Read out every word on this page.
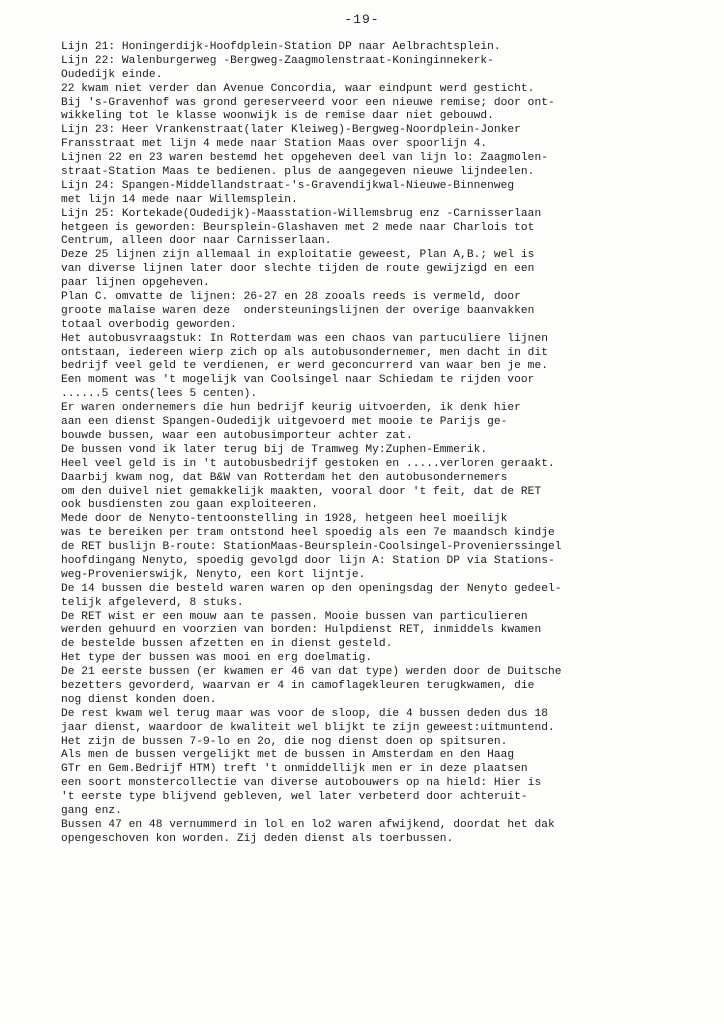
-19-
Lijn 21: Honingerdijk-Hoofdplein-Station DP naar Aelbrachtsplein.
Lijn 22: Walenburgerweg -Bergweg-Zaagmolenstraat-Koninginnekerk-
Oudedijk einde.
22 kwam niet verder dan Avenue Concordia, waar eindpunt werd gesticht.
Bij 's-Gravenhof was grond gereserveerd voor een nieuwe remise; door ont-
wikkeling tot le klasse woonwijk is de remise daar niet gebouwd.
Lijn 23: Heer Vrankenstraat(later Kleiweg)-Bergweg-Noordplein-Jonker
Fransstraat met lijn 4 mede naar Station Maas over spoorlijn 4.
Lijnen 22 en 23 waren bestemd het opgeheven deel van lijn lo: Zaagmolen-
straat-Station Maas te bedienen. plus de aangegeven nieuwe lijndeelen.
Lijn 24: Spangen-Middellandstraat-'s-Gravendijkwal-Nieuwe-Binnenweg
met lijn 14 mede naar Willemsplein.
Lijn 25: Kortekade(Oudedijk)-Maasstation-Willemsbrug enz -Carnisserlaan
hetgeen is geworden: Beursplein-Glashaven met 2 mede naar Charlois tot
Centrum, alleen door naar Carnisserlaan.
Deze 25 lijnen zijn allemaal in exploitatie geweest, Plan A,B.; wel is
van diverse lijnen later door slechte tijden de route gewijzigd en een
paar lijnen opgeheven.
Plan C. omvatte de lijnen: 26-27 en 28 zooals reeds is vermeld, door
groote malaise waren deze  ondersteuningslijnen der overige baanvakken
totaal overbodig geworden.
Het autobusvraagstuk: In Rotterdam was een chaos van partuculiere lijnen
ontstaan, iedereen wierp zich op als autobusondernemer, men dacht in dit
bedrijf veel geld te verdienen, er werd geconcurrerd van waar ben je me.
Een moment was 't mogelijk van Coolsingel naar Schiedam te rijden voor
......5 cents(lees 5 centen).
Er waren ondernemers die hun bedrijf keurig uitvoerden, ik denk hier
aan een dienst Spangen-Oudedijk uitgevoerd met mooie te Parijs ge-
bouwde bussen, waar een autobusimporteur achter zat.
De bussen vond ik later terug bij de Tramweg My:Zuphen-Emmerik.
Heel veel geld is in 't autobusbedrijf gestoken en .....verloren geraakt.
Daarbij kwam nog, dat B&W van Rotterdam het den autobusondernemers
om den duivel niet gemakkelijk maakten, vooral door 't feit, dat de RET
ook busdiensten zou gaan exploiteeren.
Mede door de Nenyto-tentoonstelling in 1928, hetgeen heel moeilijk
was te bereiken per tram ontstond heel spoedig als een 7e maandsch kindje
de RET buslijn B-route: StationMaas-Beursplein-Coolsingel-Provenierssingel
hoofdingang Nenyto, spoedig gevolgd door lijn A: Station DP via Stations-
weg-Provenierswijk, Nenyto, een kort lijntje.
De 14 bussen die besteld waren waren op den openingsdag der Nenyto gedeel-
telijk afgeleverd, 8 stuks.
De RET wist er een mouw aan te passen. Mooie bussen van particulieren
werden gehuurd en voorzien van borden: Hulpdienst RET, inmiddels kwamen
de bestelde bussen afzetten en in dienst gesteld.
Het type der bussen was mooi en erg doelmatig.
De 21 eerste bussen (er kwamen er 46 van dat type) werden door de Duitsche
bezetters gevorderd, waarvan er 4 in camoflagekleuren terugkwamen, die
nog dienst konden doen.
De rest kwam wel terug maar was voor de sloop, die 4 bussen deden dus 18
jaar dienst, waardoor de kwaliteit wel blijkt te zijn geweest:uitmuntend.
Het zijn de bussen 7-9-lo en 2o, die nog dienst doen op spitsuren.
Als men de bussen vergelijkt met de bussen in Amsterdam en den Haag
GTr en Gem.Bedrijf HTM) treft 't onmiddellijk men er in deze plaatsen
een soort monstercollectie van diverse autobouwers op na hield: Hier is
't eerste type blijvend gebleven, wel later verbeterd door achteruit-
gang enz.
Bussen 47 en 48 vernummerd in lol en lo2 waren afwijkend, doordat het dak
opengeschoven kon worden. Zij deden dienst als toerbussen.
